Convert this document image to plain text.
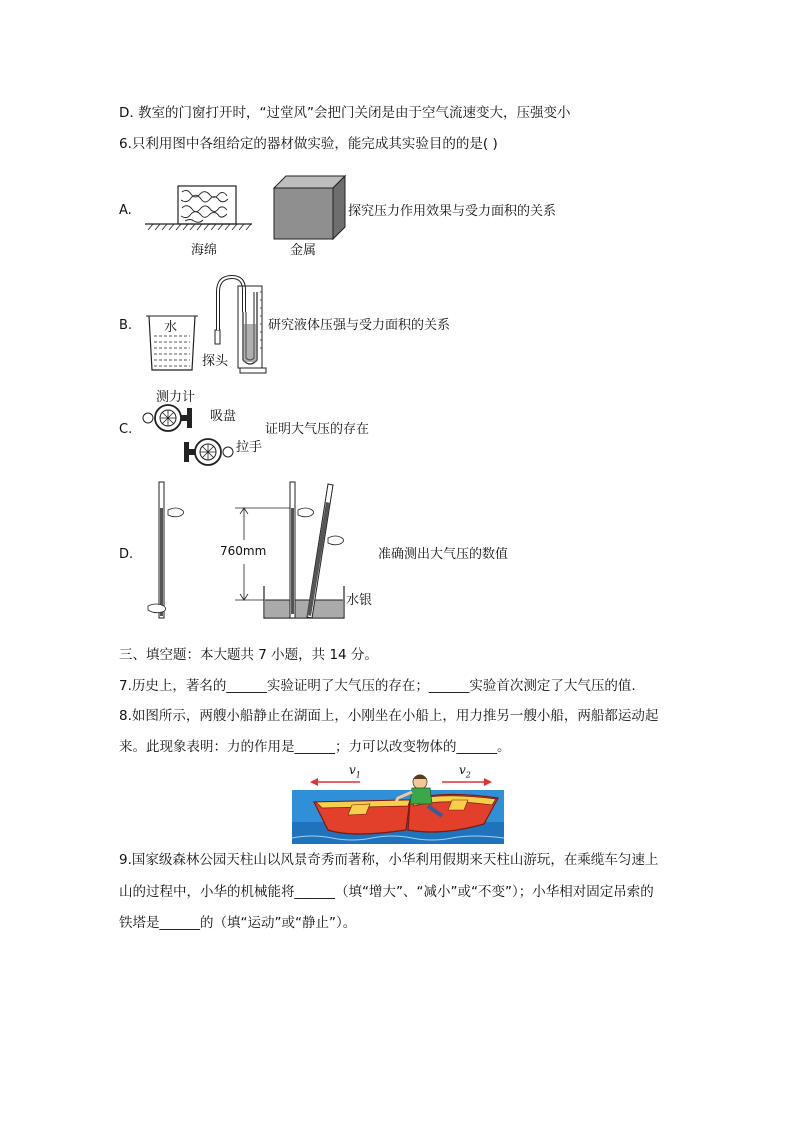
D. 教室的门窗打开时，“过堂风”会把门关闭是由于空气流速变大，压强变小
6.只利用图中各组给定的器材做实验，能完成其实验目的的是( )
A.
海绵	金属
探究压力作用效果与受力面积的关系
B. 水
探头
研究液体压强与受力面积的关系
C.
测力计
吸盘
拉手
证明大气压的存在
D.	760mm
水银
准确测出大气压的数值
三、填空题：本大题共 7 小题，共 14 分。
7.历史上，著名的______实验证明了大气压的存在；______实验首次测定了大气压的值.
8.如图所示，两艘小船静止在湖面上，小刚坐在小船上，用力推另一艘小船，两船都运动起
来。此现象表明：力的作用是______；力可以改变物体的______。
$v_1$	$v_2$
9.国家级森林公园天柱山以风景奇秀而著称，小华利用假期来天柱山游玩，在乘缆车匀速上
山的过程中，小华的机械能将______（填“增大”、“减小”或“不变”）；小华相对固定吊索的
铁塔是______的（填“运动”或“静止”）。
